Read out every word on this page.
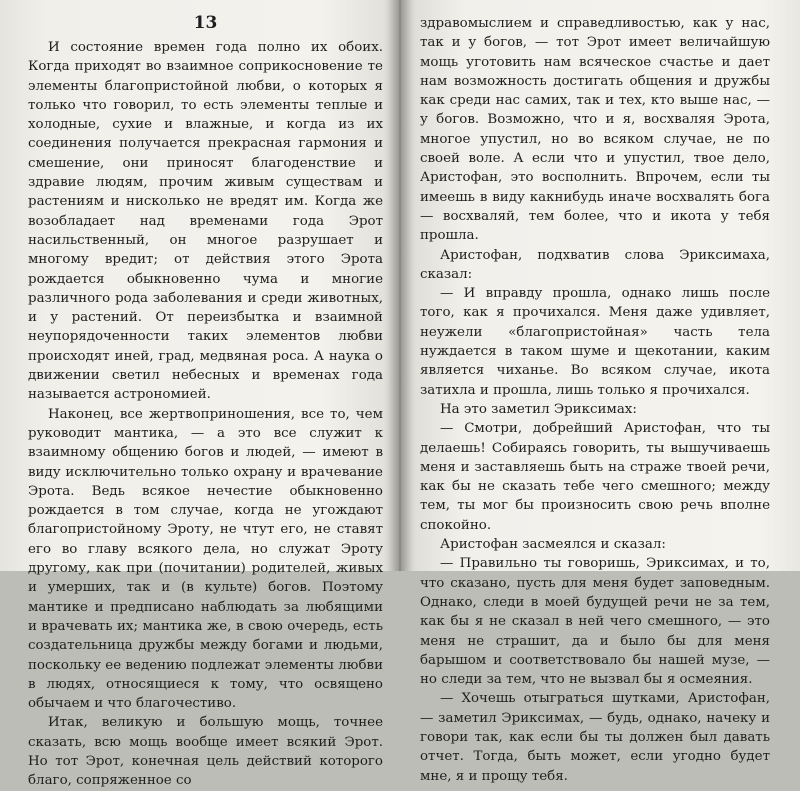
13

И состояние времен года полно их обоих. Когда приходят во взаимное соприкосновение те элементы благопристойной любви, о которых я только что говорил, то есть элементы теплые и холодные, сухие и влажные, и когда из их соединения получается прекрасная гармония и смешение, они приносят благоденствие и здравие людям, прочим живым существам и растениям и нисколько не вредят им. Когда же возобладает над временами года Эрот насильственный, он многое разрушает и многому вредит; от действия этого Эрота рождается обыкновенно чума и многие различного рода заболевания и среди животных, и у растений. От переизбытка и взаимной неупорядоченности таких элементов любви происходят иней, град, медвяная роса. А наука о движении светил небесных и временах года называется астрономией.

Наконец, все жертвоприношения, все то, чем руководит мантика, — а это все служит к взаимному общению богов и людей, — имеют в виду исключительно только охрану и врачевание Эрота. Ведь всякое нечестие обыкновенно рождается в том случае, когда не угождают благопристойному Эроту, не чтут его, не ставят его во главу всякого дела, но служат Эроту другому, как при (почитании) родителей, живых и умерших, так и (в культе) богов. Поэтому мантике и предписано наблюдать за любящими и врачевать их; мантика же, в свою очередь, есть создательница дружбы между богами и людьми, поскольку ее ведению подлежат элементы любви в людях, относящиеся к тому, что освящено обычаем и что благочестиво.

Итак, великую и большую мощь, точнее сказать, всю мощь вообще имеет всякий Эрот. Но тот Эрот, конечная цель действий которого благо, сопряженное со

здравомыслием и справедливостью, как у нас, так и у богов, — тот Эрот имеет величайшую мощь уготовить нам всяческое счастье и дает нам возможность достигать общения и дружбы как среди нас самих, так и тех, кто выше нас, — у богов. Возможно, что и я, восхваляя Эрота, многое упустил, но во всяком случае, не по своей воле. А если что и упустил, твое дело, Аристофан, это восполнить. Впрочем, если ты имеешь в виду какнибудь иначе восхвалять бога — восхваляй, тем более, что и икота у тебя прошла.

Аристофан, подхватив слова Эриксимаха, сказал:

— И вправду прошла, однако лишь после того, как я прочихался. Меня даже удивляет, неужели «благопристойная» часть тела нуждается в таком шуме и щекотании, каким является чиханье. Во всяком случае, икота затихла и прошла, лишь только я прочихался.

На это заметил Эриксимах:

— Смотри, добрейший Аристофан, что ты делаешь! Собираясь говорить, ты вышучиваешь меня и заставляешь быть на страже твоей речи, как бы не сказать тебе чего смешного; между тем, ты мог бы произносить свою речь вполне спокойно.

Аристофан засмеялся и сказал:

— Правильно ты говоришь, Эриксимах, и то, что сказано, пусть для меня будет заповедным. Однако, следи в моей будущей речи не за тем, как бы я не сказал в ней чего смешного, — это меня не страшит, да и было бы для меня барышом и соответствовало бы нашей музе, — но следи за тем, что не вызвал бы я осмеяния.

— Хочешь отыграться шутками, Аристофан, — заметил Эриксимах, — будь, однако, начеку и говори так, как если бы ты должен был давать отчет. Тогда, быть может, если угодно будет мне, я и прощу тебя.
